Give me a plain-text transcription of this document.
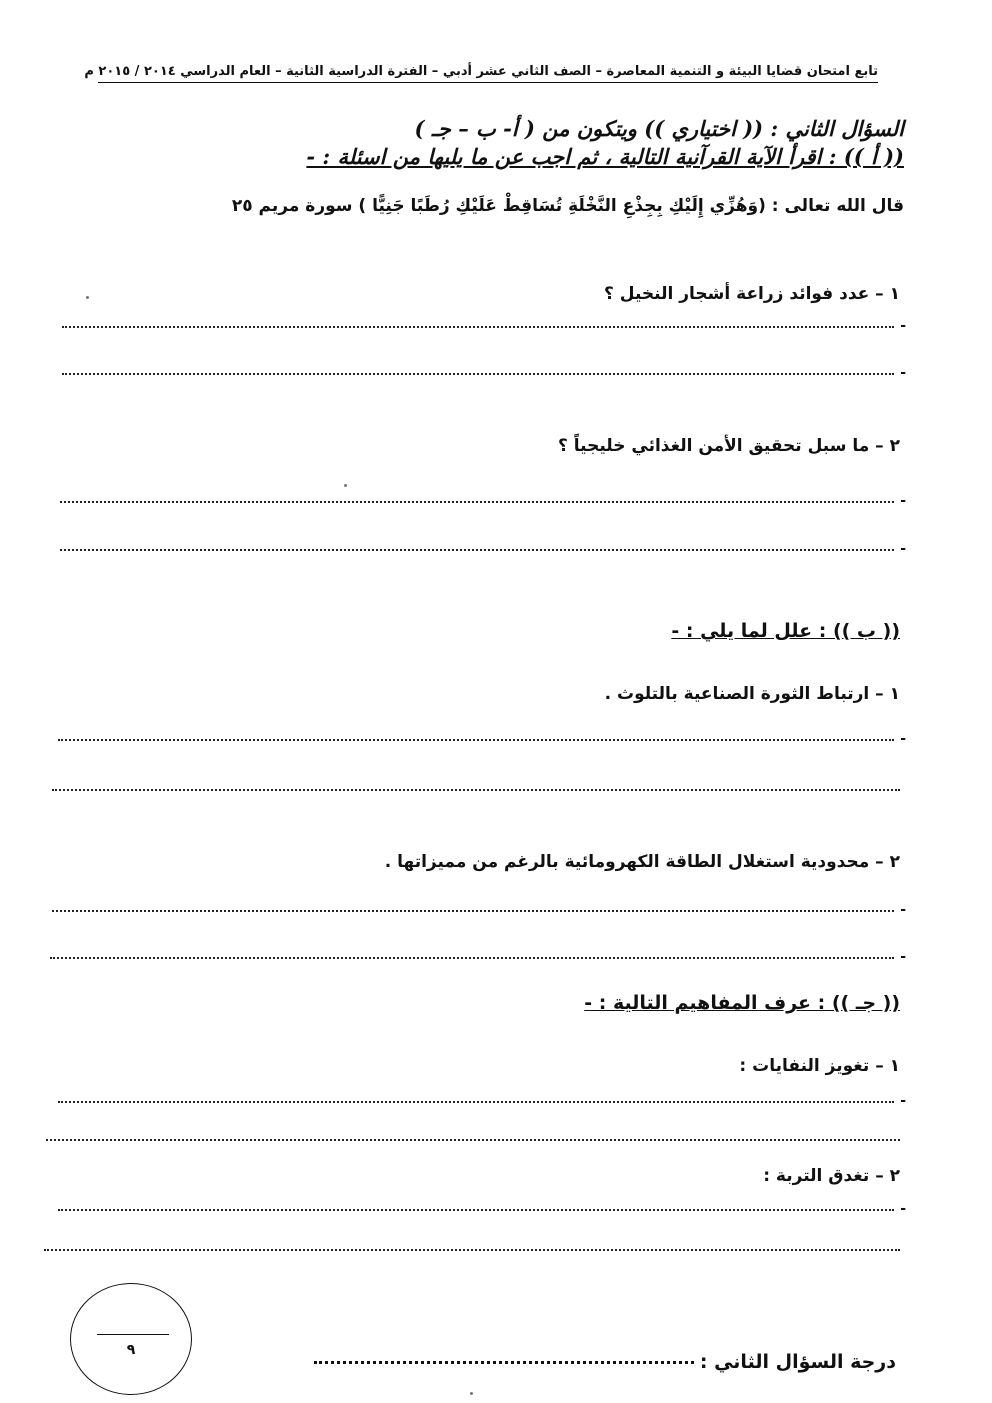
تابع امتحان قضايا البيئة و التنمية المعاصرة – الصف الثاني عشر أدبي – الفترة الدراسية الثانية – العام الدراسي ٢٠١٤ / ٢٠١٥ م
السؤال الثاني : (( اختياري )) ويتكون من ( أ- ب – جـ )
(( أ )) : اقرأ الآية القرآنية التالية ، ثم اجب عن ما يليها من اسئلة : -
قال الله تعالى : (وَهُزِّي إِلَيْكِ بِجِذْعِ النَّخْلَةِ تُسَاقِطْ عَلَيْكِ رُطَبًا جَنِيًّا ) سورة مريم ٢٥
١ – عدد فوائد زراعة أشجار النخيل ؟
-
-
٢ – ما سبل تحقيق الأمن الغذائي خليجياً ؟
-
-
(( ب )) : علل لما يلي : -
١ – ارتباط الثورة الصناعية بالتلوث .
-
٢ – محدودية استغلال الطاقة الكهرومائية بالرغم من مميزاتها .
-
-
(( جـ )) : عرف المفاهيم التالية : -
١ – تغويز النفايات :
-
٢ – تغدق التربة :
-
٩
درجة السؤال الثاني :
